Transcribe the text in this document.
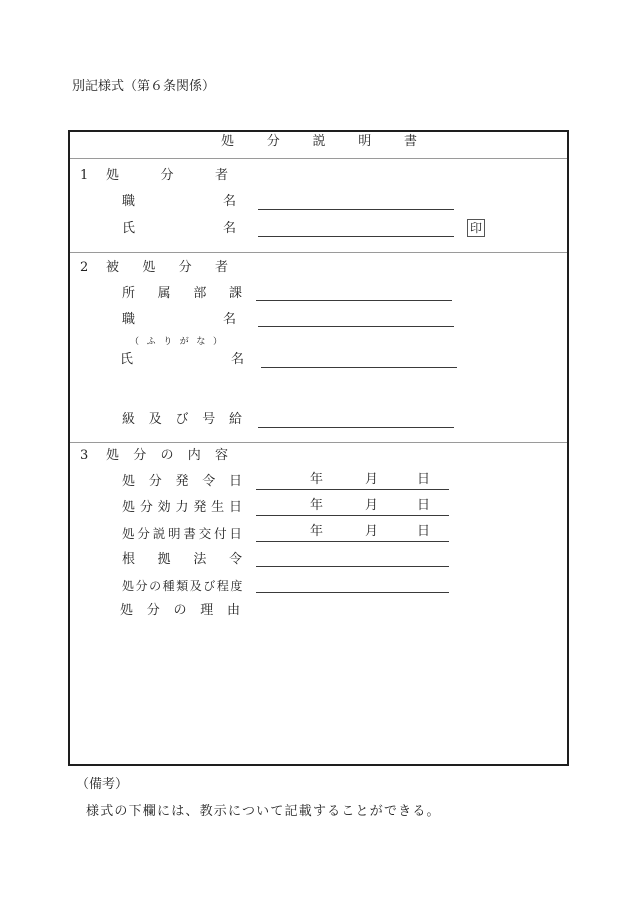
別記様式（第６条関係）
処	分	説	明	書
1 処	分	者
職	名
氏	名	印
2 被 処 分 者
所 属 部 課
職	名
（ ふ り が な ）
氏	名
級 及 び 号 給
3 処 分 の 内 容
処 分 発 令 日	年	月	日
処 分 効 力 発 生 日	年	月	日
処 分 説 明 書 交 付 日	年	月	日
根 拠 法 令
処 分 の 種 類 及 び 程 度
処 分 の 理 由
（備考）
様式の下欄には、教示について記載することができる。
